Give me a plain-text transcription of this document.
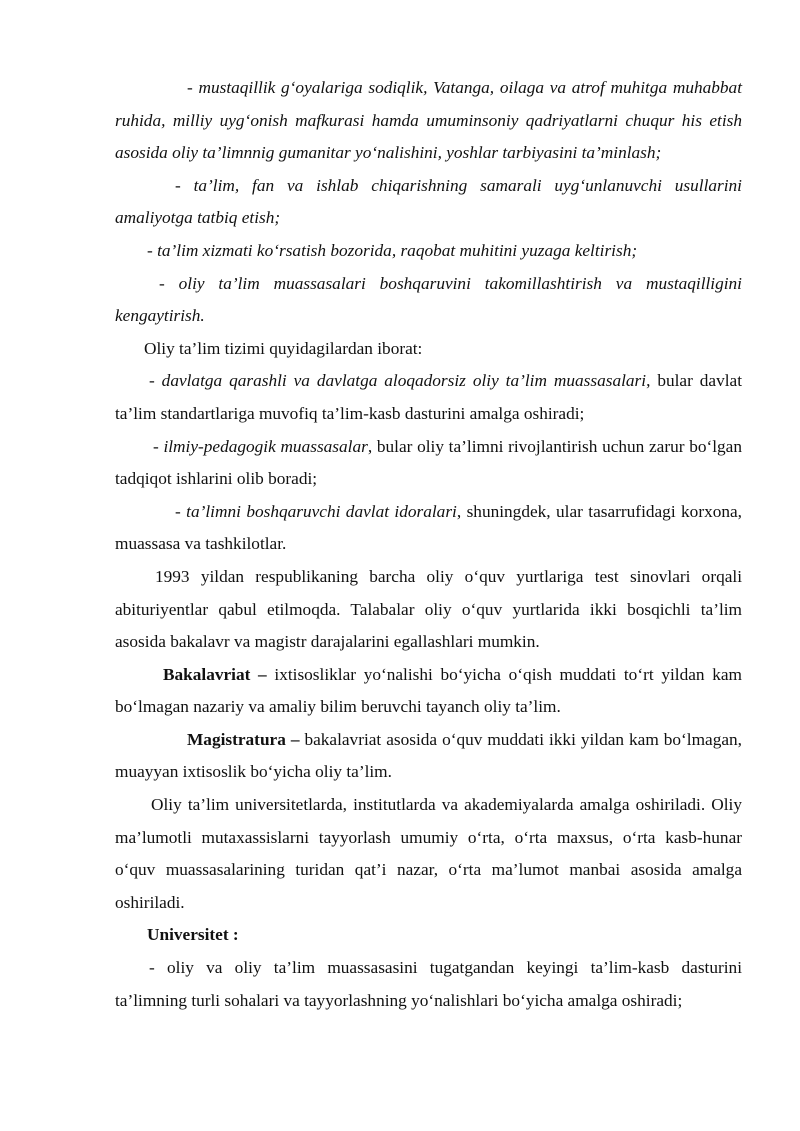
- mustaqillik g‘oyalariga sodiqlik, Vatanga, oilaga va atrof muhitga muhabbat ruhida, milliy uyg‘onish mafkurasi hamda umuminsoniy qadriyatlarni chuqur his etish asosida oliy ta’limnnig gumanitar yo‘nalishini, yoshlar tarbiyasini ta’minlash;

- ta’lim, fan va ishlab chiqarishning samarali uyg‘unlanuvchi usullarini amaliyotga tatbiq etish;

- ta’lim xizmati ko‘rsatish bozorida, raqobat muhitini yuzaga keltirish;

- oliy ta’lim muassasalari boshqaruvini takomillashtirish va mustaqilligini kengaytirish.

Oliy ta’lim tizimi quyidagilardan iborat:

- davlatga qarashli va davlatga aloqadorsiz oliy ta’lim muassasalari, bular davlat ta’lim standartlariga muvofiq ta’lim-kasb dasturini amalga oshiradi;

- ilmiy-pedagogik muassasalar, bular oliy ta’limni rivojlantirish uchun zarur bo‘lgan tadqiqot ishlarini olib boradi;

- ta’limni boshqaruvchi davlat idoralari, shuningdek, ular tasarrufidagi korxona, muassasa va tashkilotlar.

1993 yildan respublikaning barcha oliy o‘quv yurtlariga test sinovlari orqali abituriyentlar qabul etilmoqda. Talabalar oliy o‘quv yurtlarida ikki bosqichli ta’lim asosida bakalavr va magistr darajalarini egallashlari mumkin.

Bakalavriat – ixtisosliklar yo‘nalishi bo‘yicha o‘qish muddati to‘rt yildan kam bo‘lmagan nazariy va amaliy bilim beruvchi tayanch oliy ta’lim.

Magistratura – bakalavriat asosida o‘quv muddati ikki yildan kam bo‘lmagan, muayyan ixtisoslik bo‘yicha oliy ta’lim.

Oliy ta’lim universitetlarda, institutlarda va akademiyalarda amalga oshiriladi. Oliy ma’lumotli mutaxassislarni tayyorlash umumiy o‘rta, o‘rta maxsus, o‘rta kasb-hunar o‘quv muassasalarining turidan qat’i nazar, o‘rta ma’lumot manbai asosida amalga oshiriladi.

Universitet :

- oliy va oliy ta’lim muassasasini tugatgandan keyingi ta’lim-kasb dasturini ta’limning turli sohalari va tayyorlashning yo‘nalishlari bo‘yicha amalga oshiradi;
